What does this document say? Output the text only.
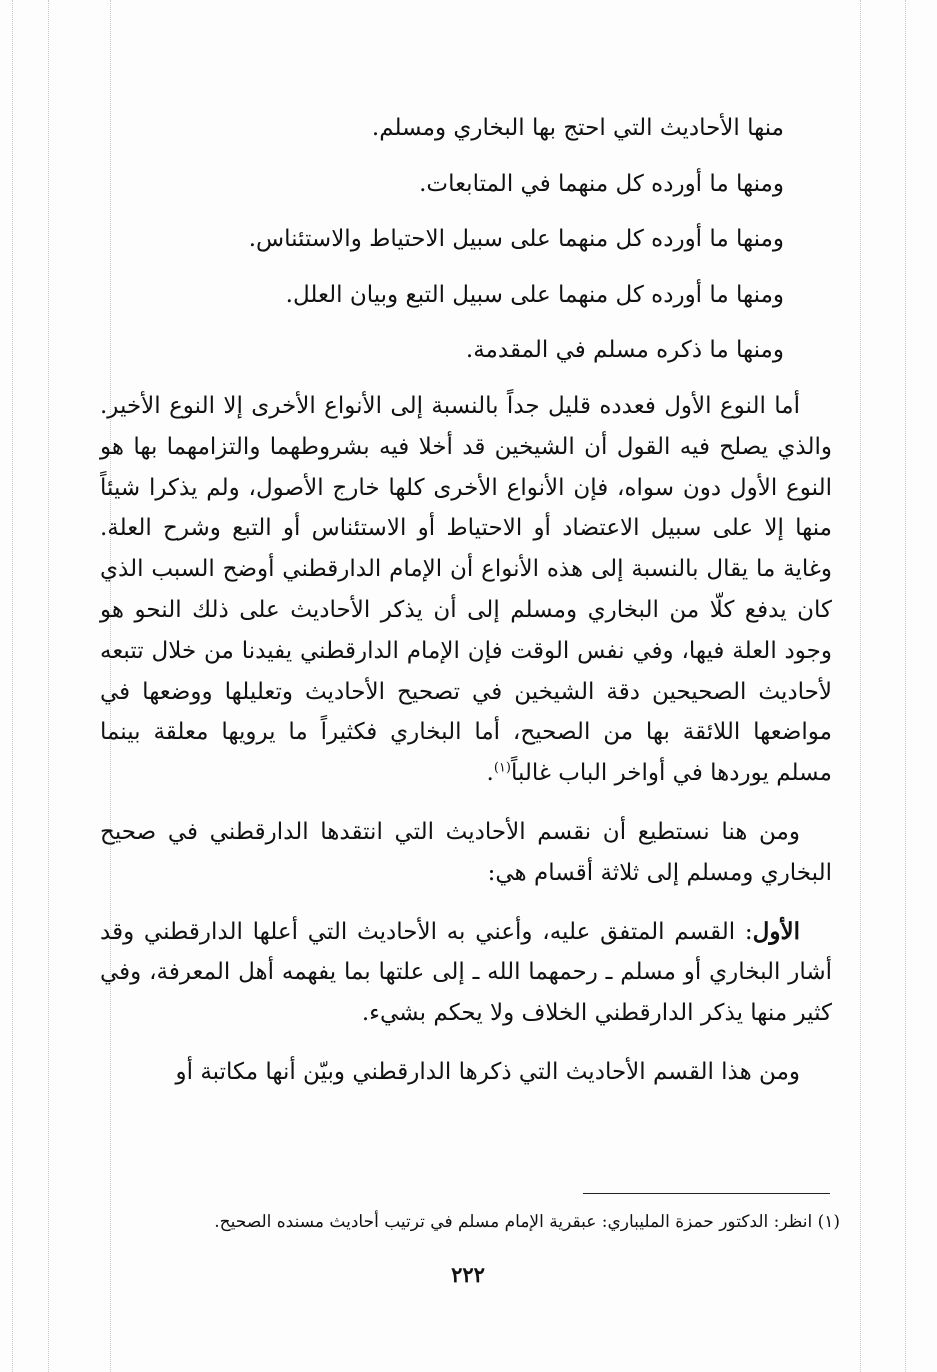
منها الأحاديث التي احتج بها البخاري ومسلم.
ومنها ما أورده كل منهما في المتابعات.
ومنها ما أورده كل منهما على سبيل الاحتياط والاستئناس.
ومنها ما أورده كل منهما على سبيل التبع وبيان العلل.
ومنها ما ذكره مسلم في المقدمة.

أما النوع الأول فعدده قليل جداً بالنسبة إلى الأنواع الأخرى إلا النوع الأخير. والذي يصلح فيه القول أن الشيخين قد أخلا فيه بشروطهما والتزامهما بها هو النوع الأول دون سواه، فإن الأنواع الأخرى كلها خارج الأصول، ولم يذكرا شيئاً منها إلا على سبيل الاعتضاد أو الاحتياط أو الاستئناس أو التبع وشرح العلة. وغاية ما يقال بالنسبة إلى هذه الأنواع أن الإمام الدارقطني أوضح السبب الذي كان يدفع كلّا من البخاري ومسلم إلى أن يذكر الأحاديث على ذلك النحو هو وجود العلة فيها، وفي نفس الوقت فإن الإمام الدارقطني يفيدنا من خلال تتبعه لأحاديث الصحيحين دقة الشيخين في تصحيح الأحاديث وتعليلها ووضعها في مواضعها اللائقة بها من الصحيح، أما البخاري فكثيراً ما يرويها معلقة بينما مسلم يوردها في أواخر الباب غالباً$^{(١)}$.

ومن هنا نستطيع أن نقسم الأحاديث التي انتقدها الدارقطني في صحيح البخاري ومسلم إلى ثلاثة أقسام هي:

الأول: القسم المتفق عليه، وأعني به الأحاديث التي أعلها الدارقطني وقد أشار البخاري أو مسلم ـ رحمهما الله ـ إلى علتها بما يفهمه أهل المعرفة، وفي كثير منها يذكر الدارقطني الخلاف ولا يحكم بشيء.

ومن هذا القسم الأحاديث التي ذكرها الدارقطني وبيّن أنها مكاتبة أو

(١) انظر: الدكتور حمزة المليباري: عبقرية الإمام مسلم في ترتيب أحاديث مسنده الصحيح.
٢٢٢
